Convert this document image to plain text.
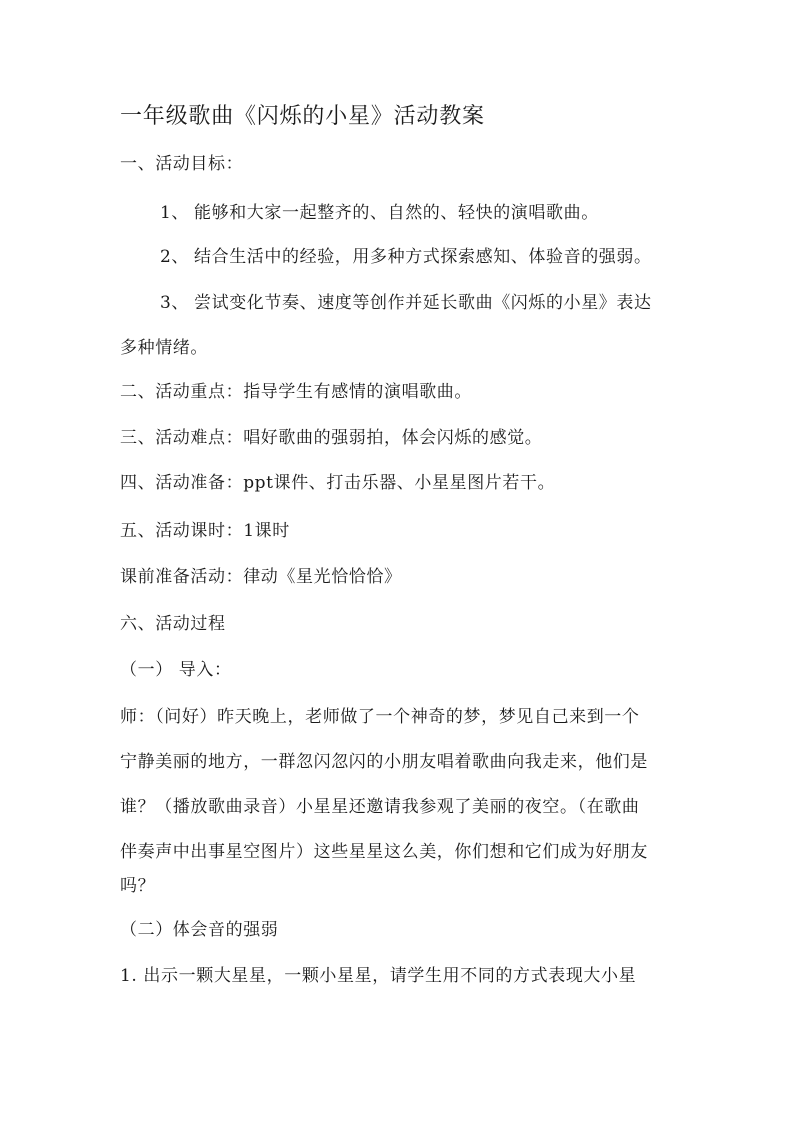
一年级歌曲《闪烁的小星》活动教案
一、活动目标：
1、 能够和大家一起整齐的、自然的、轻快的演唱歌曲。
2、 结合生活中的经验，用多种方式探索感知、体验音的强弱。
3、 尝试变化节奏、速度等创作并延长歌曲《闪烁的小星》表达
多种情绪。
二、活动重点：指导学生有感情的演唱歌曲。
三、活动难点：唱好歌曲的强弱拍，体会闪烁的感觉。
四、活动准备：ppt课件、打击乐器、小星星图片若干。
五、活动课时：1课时
课前准备活动：律动《星光恰恰恰》
六、活动过程
（一） 导入：
师：（问好）昨天晚上，老师做了一个神奇的梦，梦见自己来到一个
宁静美丽的地方，一群忽闪忽闪的小朋友唱着歌曲向我走来，他们是
谁？（播放歌曲录音）小星星还邀请我参观了美丽的夜空。（在歌曲
伴奏声中出事星空图片）这些星星这么美，你们想和它们成为好朋友
吗？
（二）体会音的强弱
1. 出示一颗大星星，一颗小星星，请学生用不同的方式表现大小星
